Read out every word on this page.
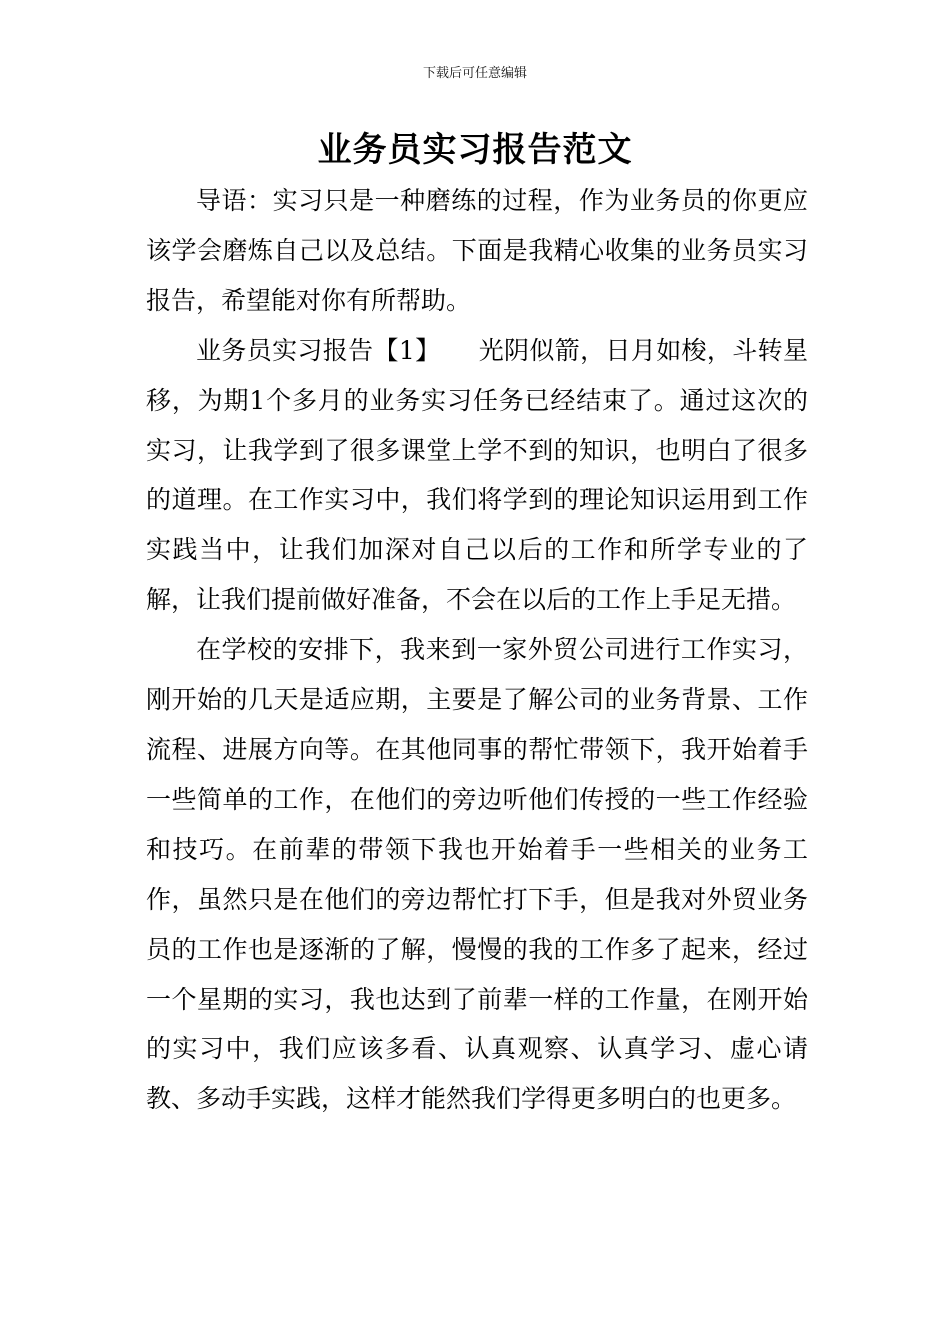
下载后可任意编辑
业务员实习报告范文

导语：实习只是一种磨练的过程，作为业务员的你更应该学会磨炼自己以及总结。下面是我精心收集的业务员实习报告，希望能对你有所帮助。

业务员实习报告【1】　　光阴似箭，日月如梭，斗转星移，为期1个多月的业务实习任务已经结束了。通过这次的实习，让我学到了很多课堂上学不到的知识，也明白了很多的道理。在工作实习中，我们将学到的理论知识运用到工作实践当中，让我们加深对自己以后的工作和所学专业的了解，让我们提前做好准备，不会在以后的工作上手足无措。

在学校的安排下，我来到一家外贸公司进行工作实习，刚开始的几天是适应期，主要是了解公司的业务背景、工作流程、进展方向等。在其他同事的帮忙带领下，我开始着手一些简单的工作，在他们的旁边听他们传授的一些工作经验和技巧。在前辈的带领下我也开始着手一些相关的业务工作，虽然只是在他们的旁边帮忙打下手，但是我对外贸业务员的工作也是逐渐的了解，慢慢的我的工作多了起来，经过一个星期的实习，我也达到了前辈一样的工作量，在刚开始的实习中，我们应该多看、认真观察、认真学习、虚心请教、多动手实践，这样才能然我们学得更多明白的也更多。
